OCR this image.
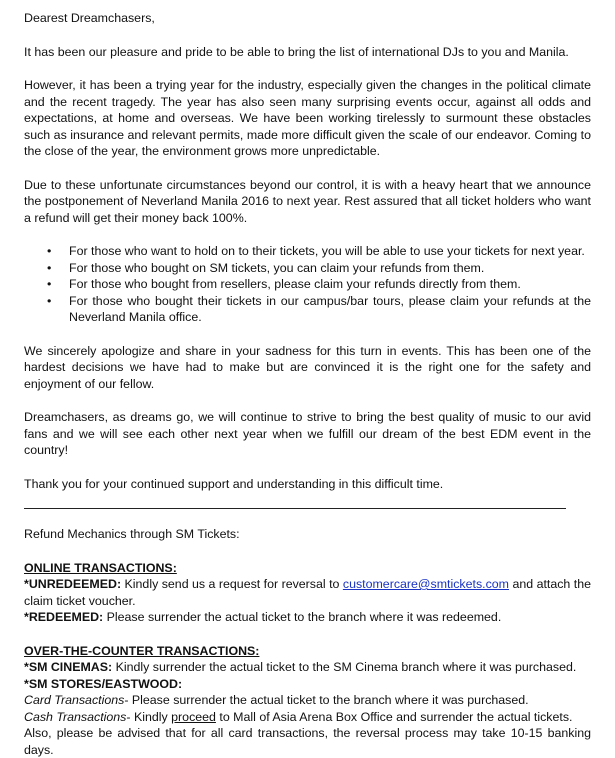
Dearest Dreamchasers,

It has been our pleasure and pride to be able to bring the list of international DJs to you and Manila.

However, it has been a trying year for the industry, especially given the changes in the political climate and the recent tragedy. The year has also seen many surprising events occur, against all odds and expectations, at home and overseas. We have been working tirelessly to surmount these obstacles such as insurance and relevant permits, made more difficult given the scale of our endeavor. Coming to the close of the year, the environment grows more unpredictable.

Due to these unfortunate circumstances beyond our control, it is with a heavy heart that we announce the postponement of Neverland Manila 2016 to next year. Rest assured that all ticket holders who want a refund will get their money back 100%.

• For those who want to hold on to their tickets, you will be able to use your tickets for next year.
• For those who bought on SM tickets, you can claim your refunds from them.
• For those who bought from resellers, please claim your refunds directly from them.
• For those who bought their tickets in our campus/bar tours, please claim your refunds at the Neverland Manila office.

We sincerely apologize and share in your sadness for this turn in events. This has been one of the hardest decisions we have had to make but are convinced it is the right one for the safety and enjoyment of our fellow.

Dreamchasers, as dreams go, we will continue to strive to bring the best quality of music to our avid fans and we will see each other next year when we fulfill our dream of the best EDM event in the country!

Thank you for your continued support and understanding in this difficult time.

Refund Mechanics through SM Tickets:

ONLINE TRANSACTIONS:

*UNREDEEMED: Kindly send us a request for reversal to customercare@smtickets.com and attach the claim ticket voucher.

*REDEEMED: Please surrender the actual ticket to the branch where it was redeemed.

OVER-THE-COUNTER TRANSACTIONS:

*SM CINEMAS: Kindly surrender the actual ticket to the SM Cinema branch where it was purchased.

*SM STORES/EASTWOOD:

Card Transactions- Please surrender the actual ticket to the branch where it was purchased.

Cash Transactions- Kindly proceed to Mall of Asia Arena Box Office and surrender the actual tickets.

Also, please be advised that for all card transactions, the reversal process may take 10-15 banking days.
